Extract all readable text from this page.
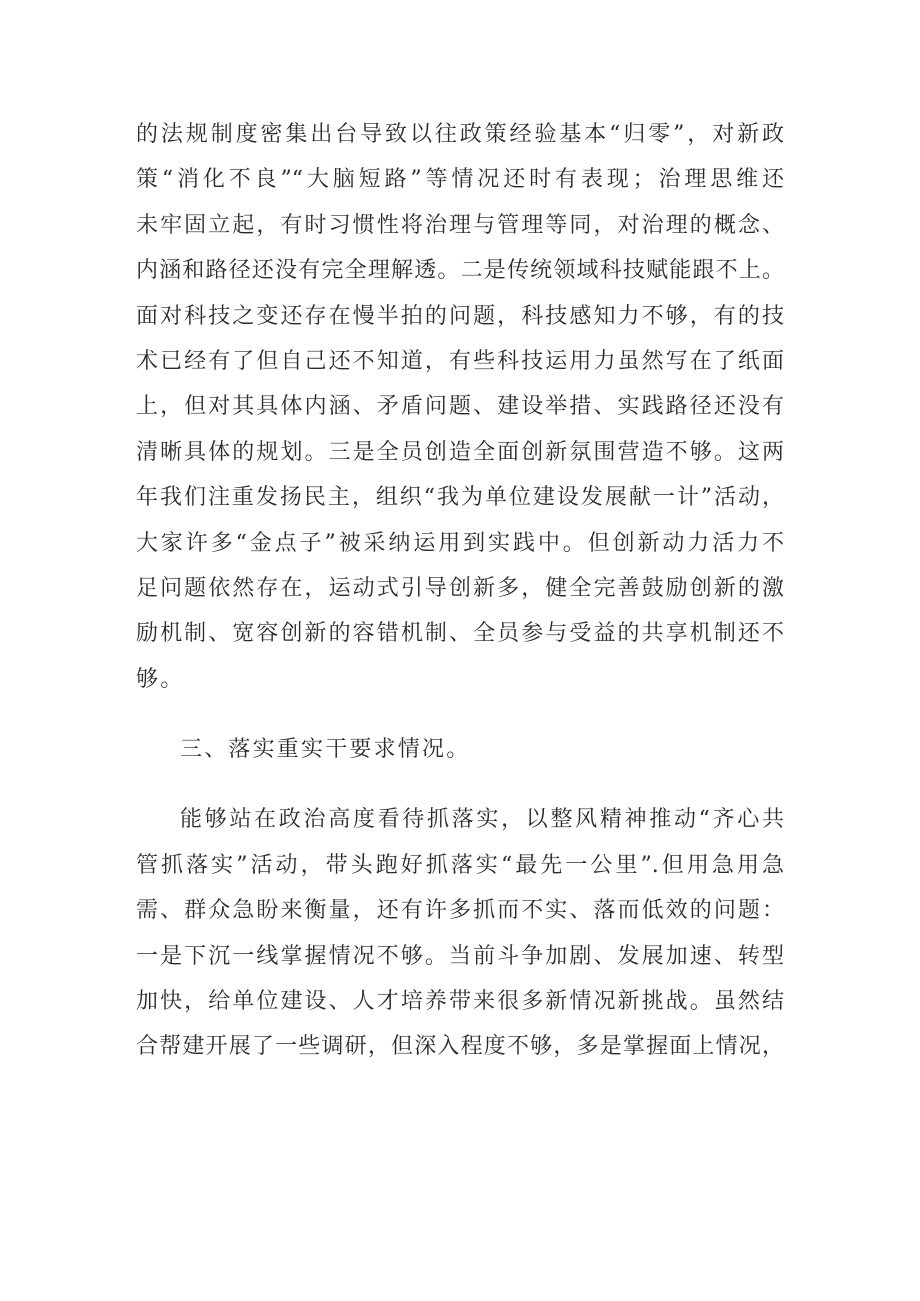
的法规制度密集出台导致以往政策经验基本“归零”，对新政
策“消化不良”“大脑短路”等情况还时有表现；治理思维还
未牢固立起，有时习惯性将治理与管理等同，对治理的概念、
内涵和路径还没有完全理解透。二是传统领域科技赋能跟不上。
面对科技之变还存在慢半拍的问题，科技感知力不够，有的技
术已经有了但自己还不知道，有些科技运用力虽然写在了纸面
上，但对其具体内涵、矛盾问题、建设举措、实践路径还没有
清晰具体的规划。三是全员创造全面创新氛围营造不够。这两
年我们注重发扬民主，组织“我为单位建设发展献一计”活动，
大家许多“金点子”被采纳运用到实践中。但创新动力活力不
足问题依然存在，运动式引导创新多，健全完善鼓励创新的激
励机制、宽容创新的容错机制、全员参与受益的共享机制还不
够。
三、落实重实干要求情况。
能够站在政治高度看待抓落实，以整风精神推动“齐心共
管抓落实”活动，带头跑好抓落实“最先一公里”.但用急用急
需、群众急盼来衡量，还有许多抓而不实、落而低效的问题：
一是下沉一线掌握情况不够。当前斗争加剧、发展加速、转型
加快，给单位建设、人才培养带来很多新情况新挑战。虽然结
合帮建开展了一些调研，但深入程度不够，多是掌握面上情况，
